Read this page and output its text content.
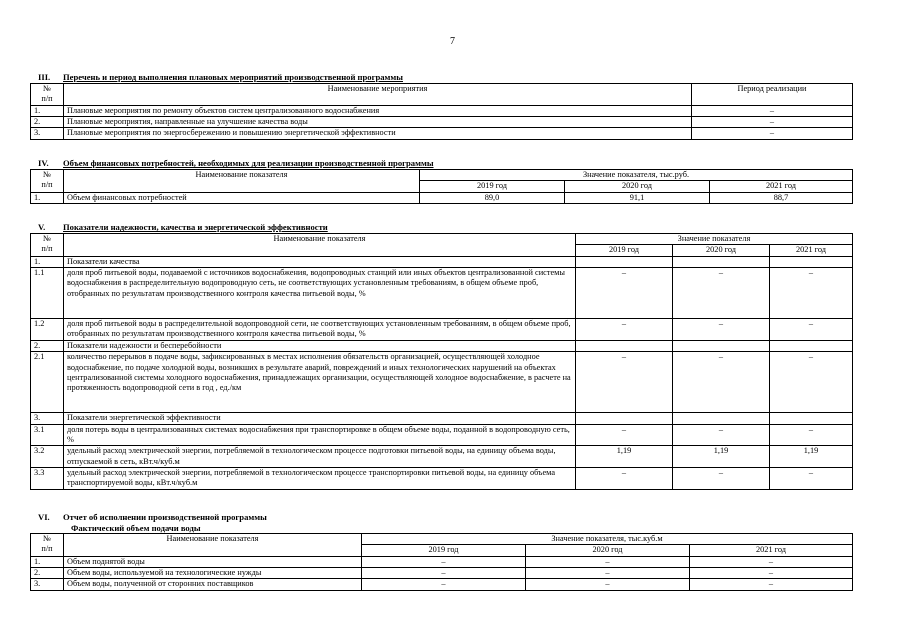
7
III. Перечень и период выполнения плановых мероприятий производственной программы
№
п/п	Наименование мероприятия	Период реализации
1.	Плановые мероприятия по ремонту объектов систем централизованного водоснабжения	–
2.	Плановые мероприятия, направленные на улучшение качества воды	–
3.	Плановые мероприятия по энергосбережению и повышению энергетической эффективности	–
IV. Объем финансовых потребностей, необходимых для реализации производственной программы
№
п/п	Наименование показателя	Значение показателя, тыс.руб.		
		2019 год	2020 год	2021 год
1.	Объем финансовых потребностей	89,0	91,1	88,7
V. Показатели надежности, качества и энергетической эффективности
№
п/п	Наименование показателя	Значение показателя		
		2019 год	2020 год	2021 год
1.	Показатели качества			
1.1	доля проб питьевой воды, подаваемой с источников водоснабжения, водопроводных станций или иных объектов централизованной системы водоснабжения в распределительную водопроводную сеть, не соответствующих установленным требованиям, в общем объеме проб, отобранных по результатам производственного контроля качества питьевой воды, %	–	–	–
1.2	доля проб питьевой воды в распределительной водопроводной сети, не соответствующих установленным требованиям, в общем объеме проб, отобранных по результатам производственного контроля качества питьевой воды, %	–	–	–
2.	Показатели надежности и бесперебойности			
2.1	количество перерывов в подаче воды, зафиксированных в местах исполнения обязательств организацией, осуществляющей холодное водоснабжение, по подаче холодной воды, возникших в результате аварий, повреждений и иных технологических нарушений на объектах централизованной системы холодного водоснабжения, принадлежащих организации, осуществляющей холодное водоснабжение, в расчете на протяженность водопроводной сети в год , ед./км	–	–	–
3.	Показатели энергетической эффективности			
3.1	доля потерь воды в централизованных системах водоснабжения при транспортировке в общем объеме воды, поданной в водопроводную сеть, %	–	–	–
3.2	удельный расход электрической энергии, потребляемой в технологическом процессе подготовки питьевой воды, на единицу объема воды, отпускаемой в сеть, кВт.ч/куб.м	1,19	1,19	1,19
3.3	удельный расход электрической энергии, потребляемой в технологическом процессе транспортировки питьевой воды, на единицу объема транспортируемой воды, кВт.ч/куб.м	–	–	–
VI. Отчет об исполнении производственной программы
Фактический объем подачи воды
№
п/п	Наименование показателя	Значение показателя, тыс.куб.м		
		2019 год	2020 год	2021 год
1.	Объем поднятой воды	–	–	–
2.	Объем воды, используемой на технологические нужды	–	–	–
3.	Объем воды, полученной от сторонних поставщиков	–	–	–
